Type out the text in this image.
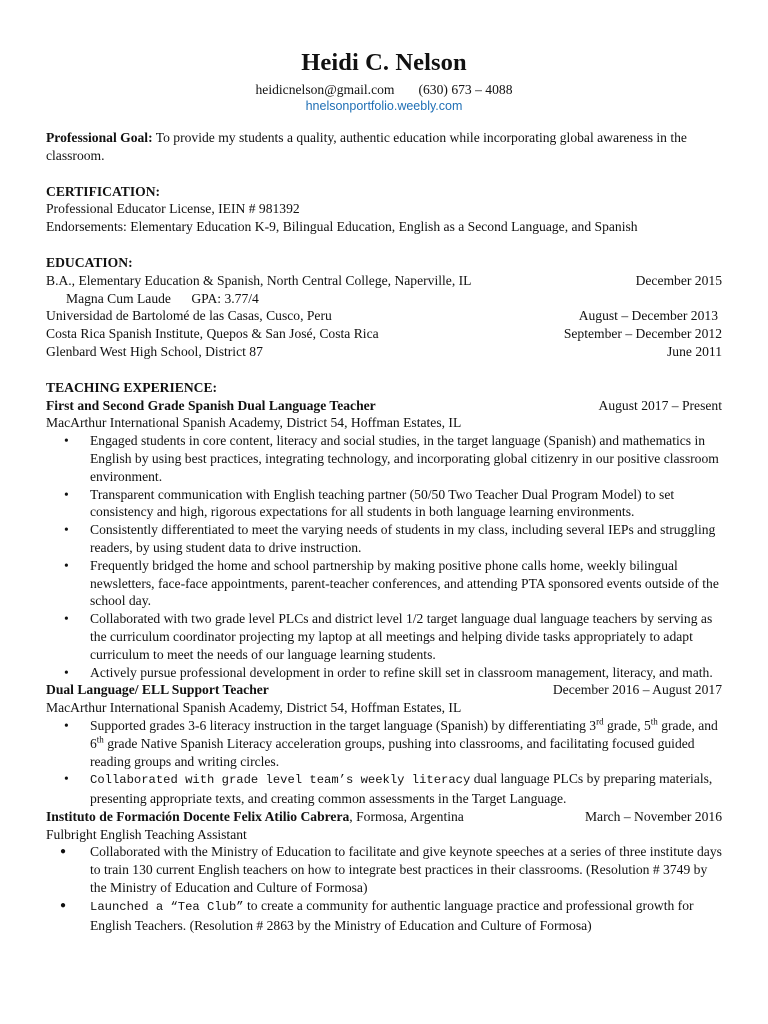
Heidi C. Nelson
heidicnelson@gmail.com (630) 673 – 4088
hnelsonportfolio.weebly.com
Professional Goal: To provide my students a quality, authentic education while incorporating global awareness in the classroom.
CERTIFICATION:
Professional Educator License, IEIN # 981392
Endorsements: Elementary Education K-9, Bilingual Education, English as a Second Language, and Spanish
EDUCATION:
B.A., Elementary Education & Spanish, North Central College, Naperville, IL	December 2015
Magna Cum Laude      GPA: 3.77/4
Universidad de Bartolomé de las Casas, Cusco, Peru	August – December 2013
Costa Rica Spanish Institute, Quepos & San José, Costa Rica	September – December 2012
Glenbard West High School, District 87	June 2011
TEACHING EXPERIENCE:
First and Second Grade Spanish Dual Language Teacher	August 2017 – Present
MacArthur International Spanish Academy, District 54, Hoffman Estates, IL
• Engaged students in core content, literacy and social studies, in the target language (Spanish) and mathematics in English by using best practices, integrating technology, and incorporating global citizenry in our positive classroom environment.
• Transparent communication with English teaching partner (50/50 Two Teacher Dual Program Model) to set consistency and high, rigorous expectations for all students in both language learning environments.
• Consistently differentiated to meet the varying needs of students in my class, including several IEPs and struggling readers, by using student data to drive instruction.
• Frequently bridged the home and school partnership by making positive phone calls home, weekly bilingual newsletters, face-face appointments, parent-teacher conferences, and attending PTA sponsored events outside of the school day.
• Collaborated with two grade level PLCs and district level 1/2 target language dual language teachers by serving as the curriculum coordinator projecting my laptop at all meetings and helping divide tasks appropriately to adapt curriculum to meet the needs of our language learning students.
• Actively pursue professional development in order to refine skill set in classroom management, literacy, and math.
Dual Language/ ELL Support Teacher	December 2016 – August 2017
MacArthur International Spanish Academy, District 54, Hoffman Estates, IL
• Supported grades 3-6 literacy instruction in the target language (Spanish) by differentiating 3rd grade, 5th grade, and 6th grade Native Spanish Literacy acceleration groups, pushing into classrooms, and facilitating focused guided reading groups and writing circles.
• Collaborated with grade level team’s weekly literacy dual language PLCs by preparing materials, presenting appropriate texts, and creating common assessments in the Target Language.
Instituto de Formación Docente Felix Atilio Cabrera, Formosa, Argentina	March – November 2016
Fulbright English Teaching Assistant
● Collaborated with the Ministry of Education to facilitate and give keynote speeches at a series of three institute days to train 130 current English teachers on how to integrate best practices in their classrooms. (Resolution # 3749 by the Ministry of Education and Culture of Formosa)
● Launched a “Tea Club” to create a community for authentic language practice and professional growth for English Teachers. (Resolution # 2863 by the Ministry of Education and Culture of Formosa)
